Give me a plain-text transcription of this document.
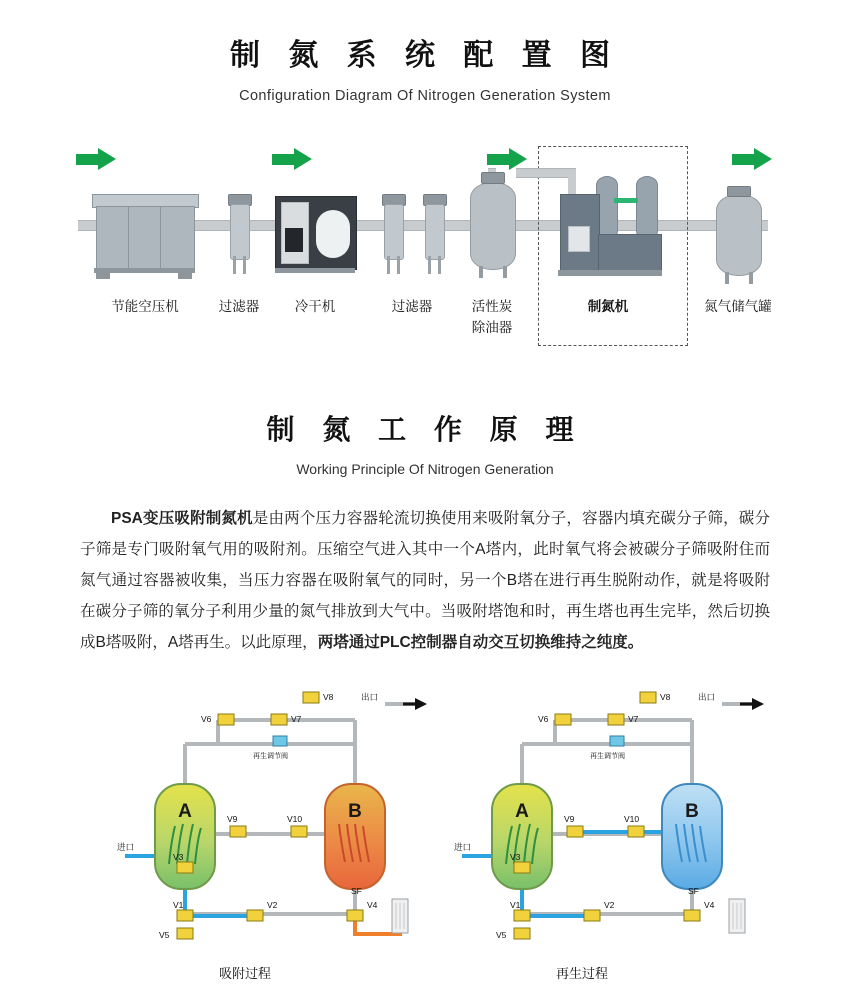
制 氮 系 统 配 置 图
Configuration Diagram Of Nitrogen Generation System
节能空压机	过滤器	冷干机	过滤器	活性炭
除油器
制氮机	氮气储气罐
制 氮 工 作 原 理
Working Principle Of Nitrogen Generation
PSA变压吸附制氮机是由两个压力容器轮流切换使用来吸附氧分子，容器内填充碳分子筛，碳分子筛是专门吸附氧气用的吸附剂。压缩空气进入其中一个A塔内，此时氧气将会被碳分子筛吸附住而氮气通过容器被收集，当压力容器在吸附氧气的同时，另一个B塔在进行再生脱附动作，就是将吸附在碳分子筛的氧分子利用少量的氮气排放到大气中。当吸附塔饱和时，再生塔也再生完毕，然后切换成B塔吸附，A塔再生。以此原理，两塔通过PLC控制器自动交互切换维持之纯度。
A	B
V1	V2
V3
V4
V5
V6	V7
V8
V9	V10
再生调节阀
SF
进口
出口
吸附过程
A	B
V1	V2
V3
V4
V5
V6	V7
V8
V9	V10
再生调节阀
SF
进口
出口
再生过程
